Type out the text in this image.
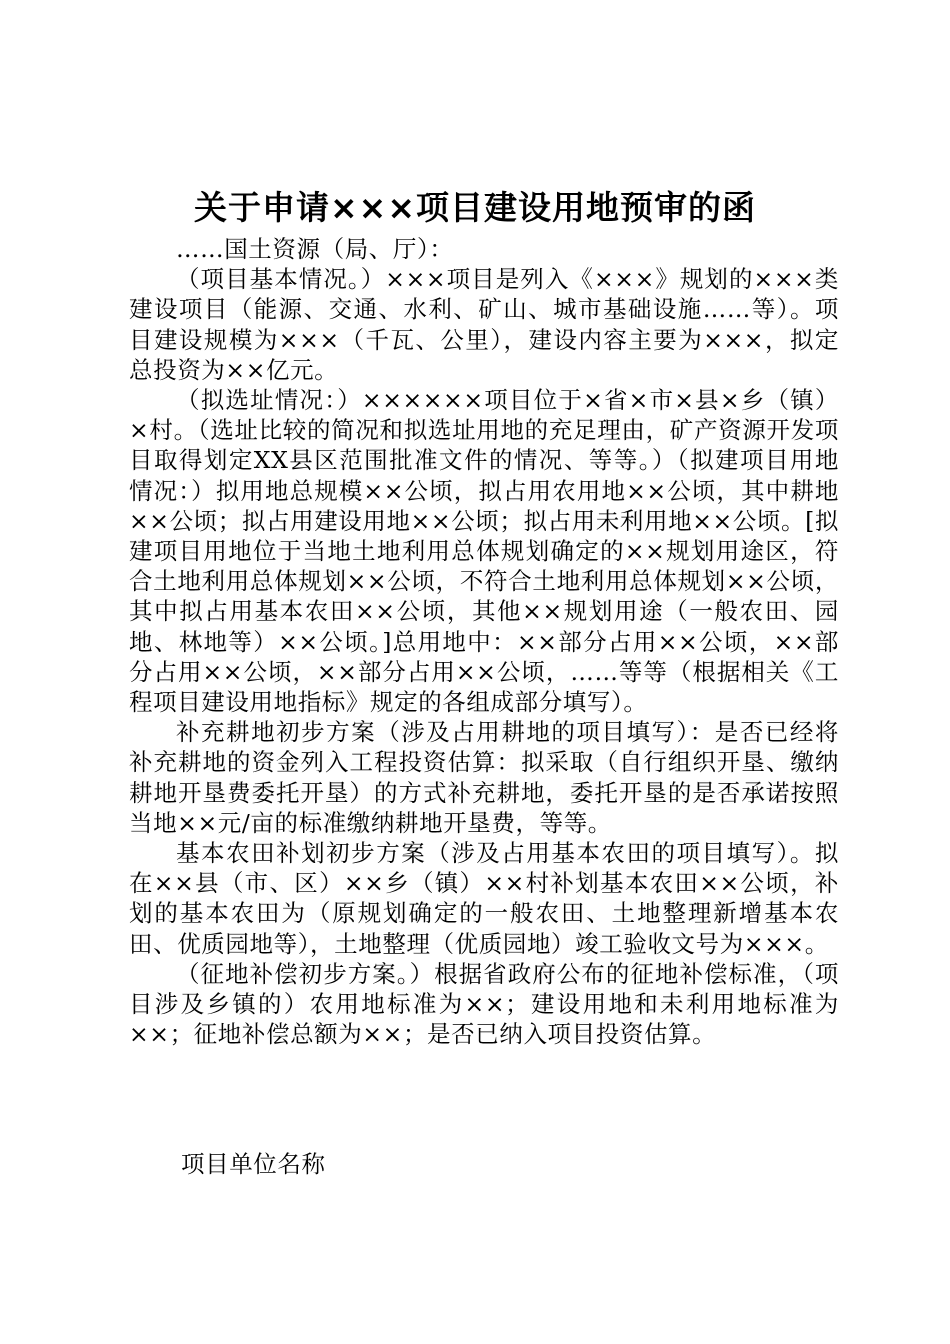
关于申请×××项目建设用地预审的函

……国土资源（局、厅）：

（项目基本情况。）×××项目是列入《×××》规划的×××类建设项目（能源、交通、水利、矿山、城市基础设施……等）。项目建设规模为×××（千瓦、公里），建设内容主要为×××，拟定总投资为××亿元。

（拟选址情况：）××××××项目位于×省×市×县×乡（镇）×村。（选址比较的简况和拟选址用地的充足理由，矿产资源开发项目取得划定XX县区范围批准文件的情况、等等。）（拟建项目用地情况：）拟用地总规模××公顷，拟占用农用地××公顷，其中耕地××公顷；拟占用建设用地××公顷；拟占用未利用地××公顷。[拟建项目用地位于当地土地利用总体规划确定的××规划用途区，符合土地利用总体规划××公顷，不符合土地利用总体规划××公顷，其中拟占用基本农田××公顷，其他××规划用途（一般农田、园地、林地等）××公顷。]总用地中：××部分占用××公顷，××部分占用××公顷，××部分占用××公顷，……等等（根据相关《工程项目建设用地指标》规定的各组成部分填写）。

补充耕地初步方案（涉及占用耕地的项目填写）：是否已经将补充耕地的资金列入工程投资估算：拟采取（自行组织开垦、缴纳耕地开垦费委托开垦）的方式补充耕地，委托开垦的是否承诺按照当地××元/亩的标准缴纳耕地开垦费，等等。

基本农田补划初步方案（涉及占用基本农田的项目填写）。拟在××县（市、区）××乡（镇）××村补划基本农田××公顷，补划的基本农田为（原规划确定的一般农田、土地整理新增基本农田、优质园地等），土地整理（优质园地）竣工验收文号为×××。

（征地补偿初步方案。）根据省政府公布的征地补偿标准，（项目涉及乡镇的）农用地标准为××；建设用地和未利用地标准为××；征地补偿总额为××；是否已纳入项目投资估算。

项目单位名称
